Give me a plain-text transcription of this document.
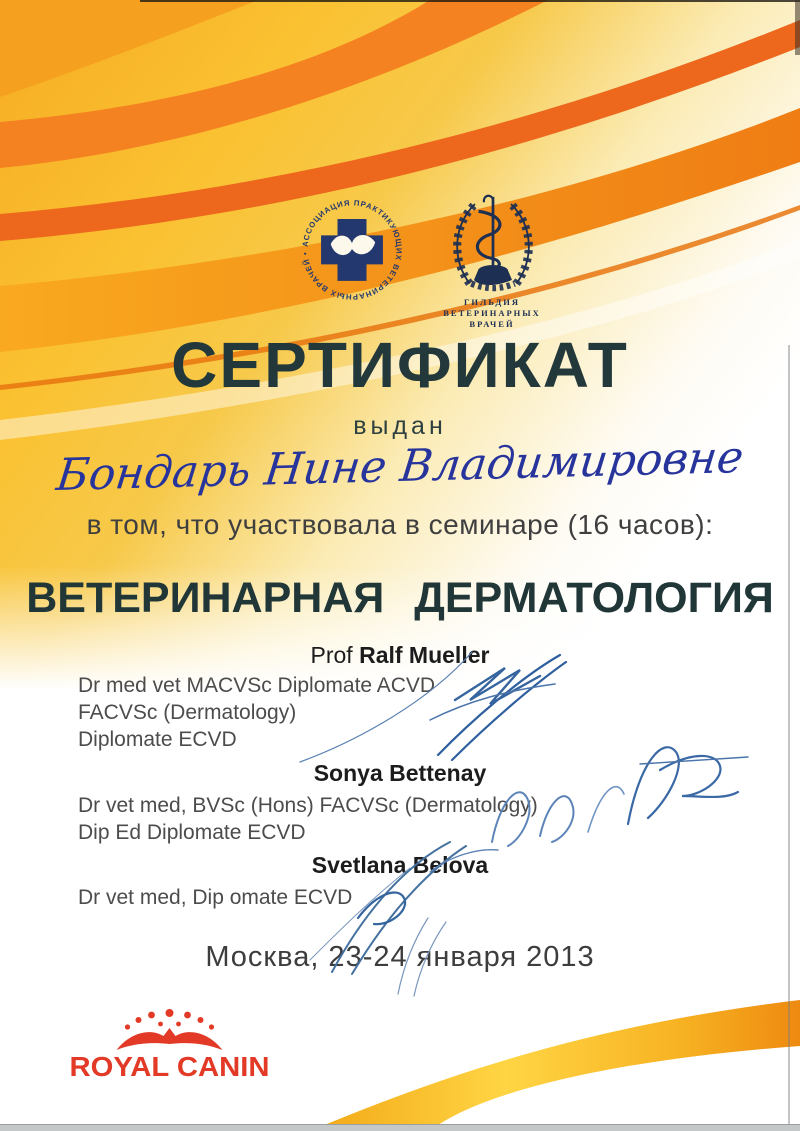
АССОЦИАЦИЯ ПРАКТИКУЮЩИХ ВЕТЕРИНАРНЫХ ВРАЧЕЙ •
ГИЛЬДИЯ
ВЕТЕРИНАРНЫХ
ВРАЧЕЙ
СЕРТИФИКАТ
выдан
Бондарь Нине Владимировне
в том, что участвовала в семинаре (16 часов):
ВЕТЕРИНАРНАЯ ДЕРМАТОЛОГИЯ
Prof Ralf Mueller
Dr med vet MACVSc Diplomate ACVD
FACVSc (Dermatology)
Diplomate ECVD
Sonya Bettenay
Dr vet med, BVSc (Hons) FACVSc (Dermatology)
Dip Ed Diplomate ECVD
Svetlana Belova
Dr vet med, Dip omate ECVD
Москва, 23-24 января 2013
ROYAL CANIN
